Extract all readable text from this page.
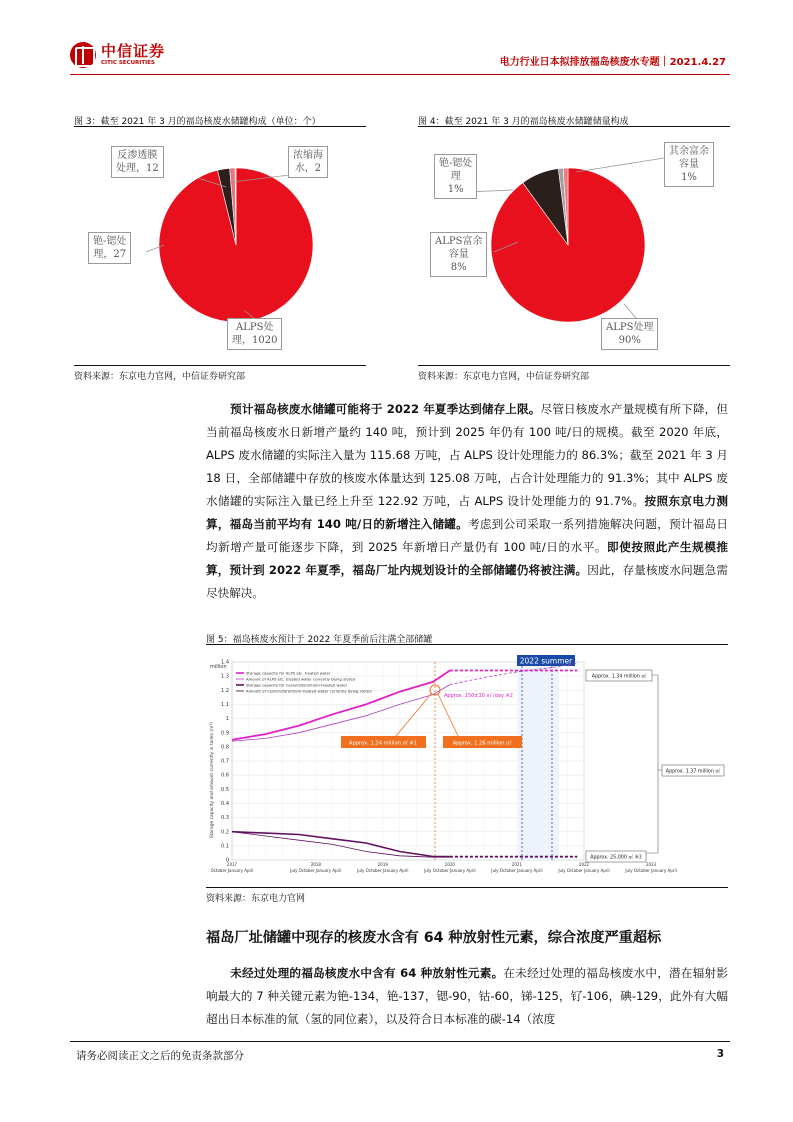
中信证券
CITIC SECURITIES	电力行业日本拟排放福岛核废水专题｜2021.4.27
图 3：截至 2021 年 3 月的福岛核废水储罐构成（单位：个）
反渗透膜
处理，12
浓缩海
水，2
铯-锶处
理，27
ALPS处
理，1020
资料来源：东京电力官网，中信证券研究部
图 4：截至 2021 年 3 月的福岛核废水储罐储量构成
铯-锶处
理
1%
其余富余
容量
1%
ALPS富余
容量
8%
ALPS处理
90%
资料来源：东京电力官网，中信证券研究部
预计福岛核废水储罐可能将于 2022 年夏季达到储存上限。尽管日核废水产量规模有所下降，但当前福岛核废水日新增产量约 140 吨，预计到 2025 年仍有 100 吨/日的规模。截至 2020 年底，ALPS 废水储罐的实际注入量为 115.68 万吨，占 ALPS 设计处理能力的 86.3%；截至 2021 年 3 月 18 日，全部储罐中存放的核废水体量达到 125.08 万吨，占合计处理能力的 91.3%；其中 ALPS 废水储罐的实际注入量已经上升至 122.92 万吨，占 ALPS 设计处理能力的 91.7%。按照东京电力测算，福岛当前平均有 140 吨/日的新增注入储罐。考虑到公司采取一系列措施解决问题，预计福岛日均新增产量可能逐步下降，到 2025 年新增日产量仍有 100 吨/日的水平。即使按照此产生规模推算，预计到 2022 年夏季，福岛厂址内规划设计的全部储罐仍将被注满。因此，存量核废水问题急需尽快解决。
图 5：福岛核废水预计于 2022 年夏季前后注满全部储罐
0
0.1
0.2
0.3
0.4
0.5
0.6
0.7
0.8
0.9
1
1.1
1.2
1.3
1.4
million
Storage capacity and amount currently in tanks (m³)
2017
October January April
2018
July October January April
2019
July October January April
2020
July October January April
2021
July October January April
2022
July October January April
2023
July October January April
2022 summer
Storage capacity for ALPS etc. treated water
Amount of ALPS etc. treated water currently being stored
Storage capacity for Cesium/Strontium-treated water
Amount of Cesium/Strontium-treated water currently being stored
Approx. 1.24 million ㎥ ※1	Approx. 1.26 million ㎥
Approx. 150±30 ㎥ /day ※2
Approx. 1.34 million ㎥
Approx. 1.37 million ㎥
Approx. 25,000 ㎥ ※3
资料来源：东京电力官网
福岛厂址储罐中现存的核废水含有 64 种放射性元素，综合浓度严重超标
未经过处理的福岛核废水中含有 64 种放射性元素。在未经过处理的福岛核废水中，潜在辐射影响最大的 7 种关键元素为铯-134，铯-137，锶-90，钴-60，锑-125，钌-106，碘-129，此外有大幅超出日本标准的氚（氢的同位素），以及符合日本标准的碳-14（浓度
请务必阅读正文之后的免责条款部分	3
